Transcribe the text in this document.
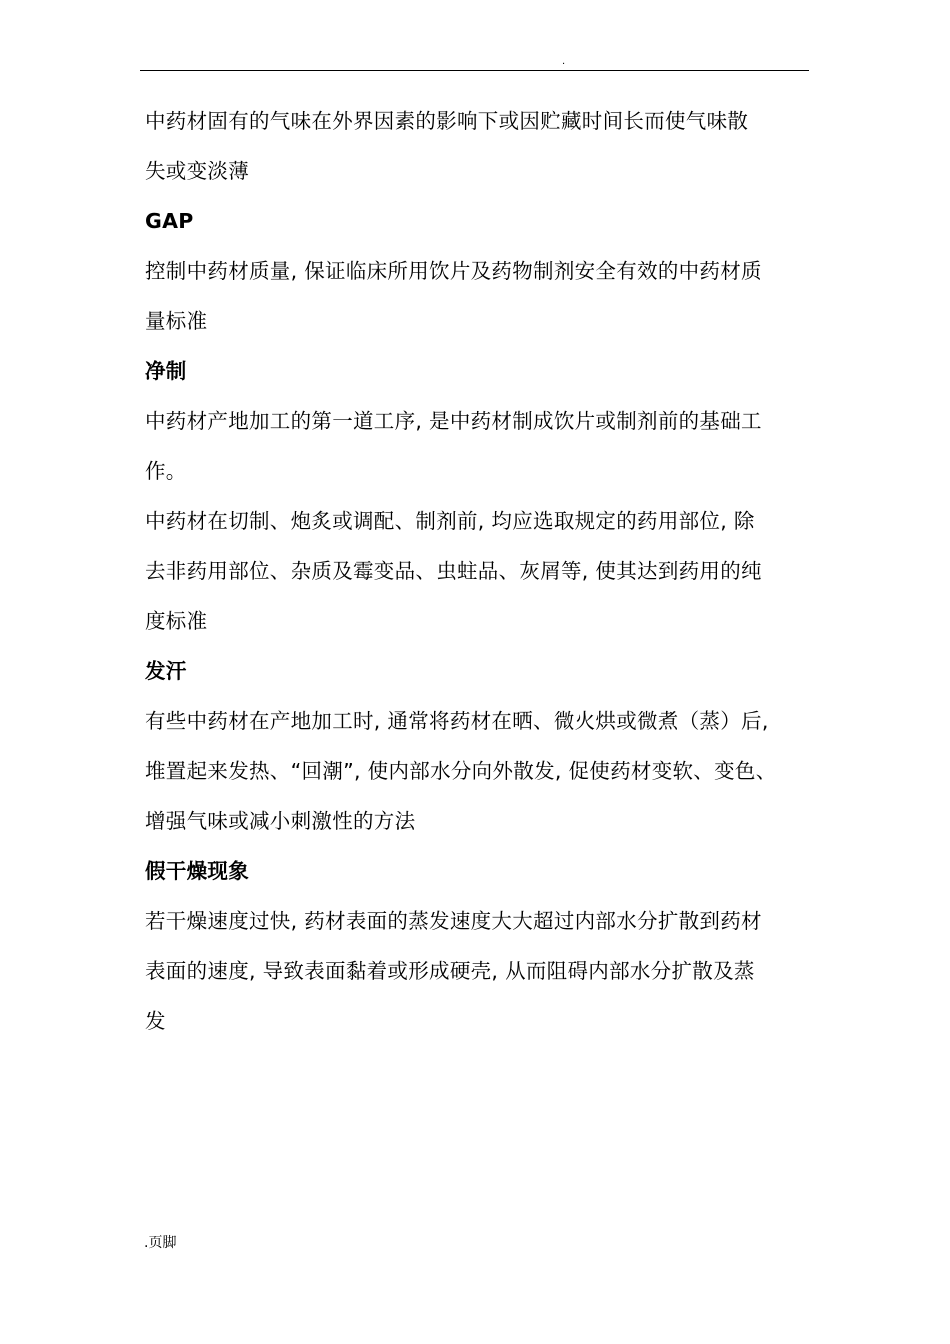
.
中药材固有的气味在外界因素的影响下或因贮藏时间长而使气味散
失或变淡薄
GAP
控制中药材质量, 保证临床所用饮片及药物制剂安全有效的中药材质
量标准
净制
中药材产地加工的第一道工序, 是中药材制成饮片或制剂前的基础工
作。
中药材在切制、炮炙或调配、制剂前, 均应选取规定的药用部位, 除
去非药用部位、杂质及霉变品、虫蛀品、灰屑等, 使其达到药用的纯
度标准
发汗
有些中药材在产地加工时, 通常将药材在晒、微火烘或微煮（蒸）后,
堆置起来发热、“回潮”, 使内部水分向外散发, 促使药材变软、变色、
增强气味或减小刺激性的方法
假干燥现象
若干燥速度过快, 药材表面的蒸发速度大大超过内部水分扩散到药材
表面的速度, 导致表面黏着或形成硬壳, 从而阻碍内部水分扩散及蒸
发
.页脚
